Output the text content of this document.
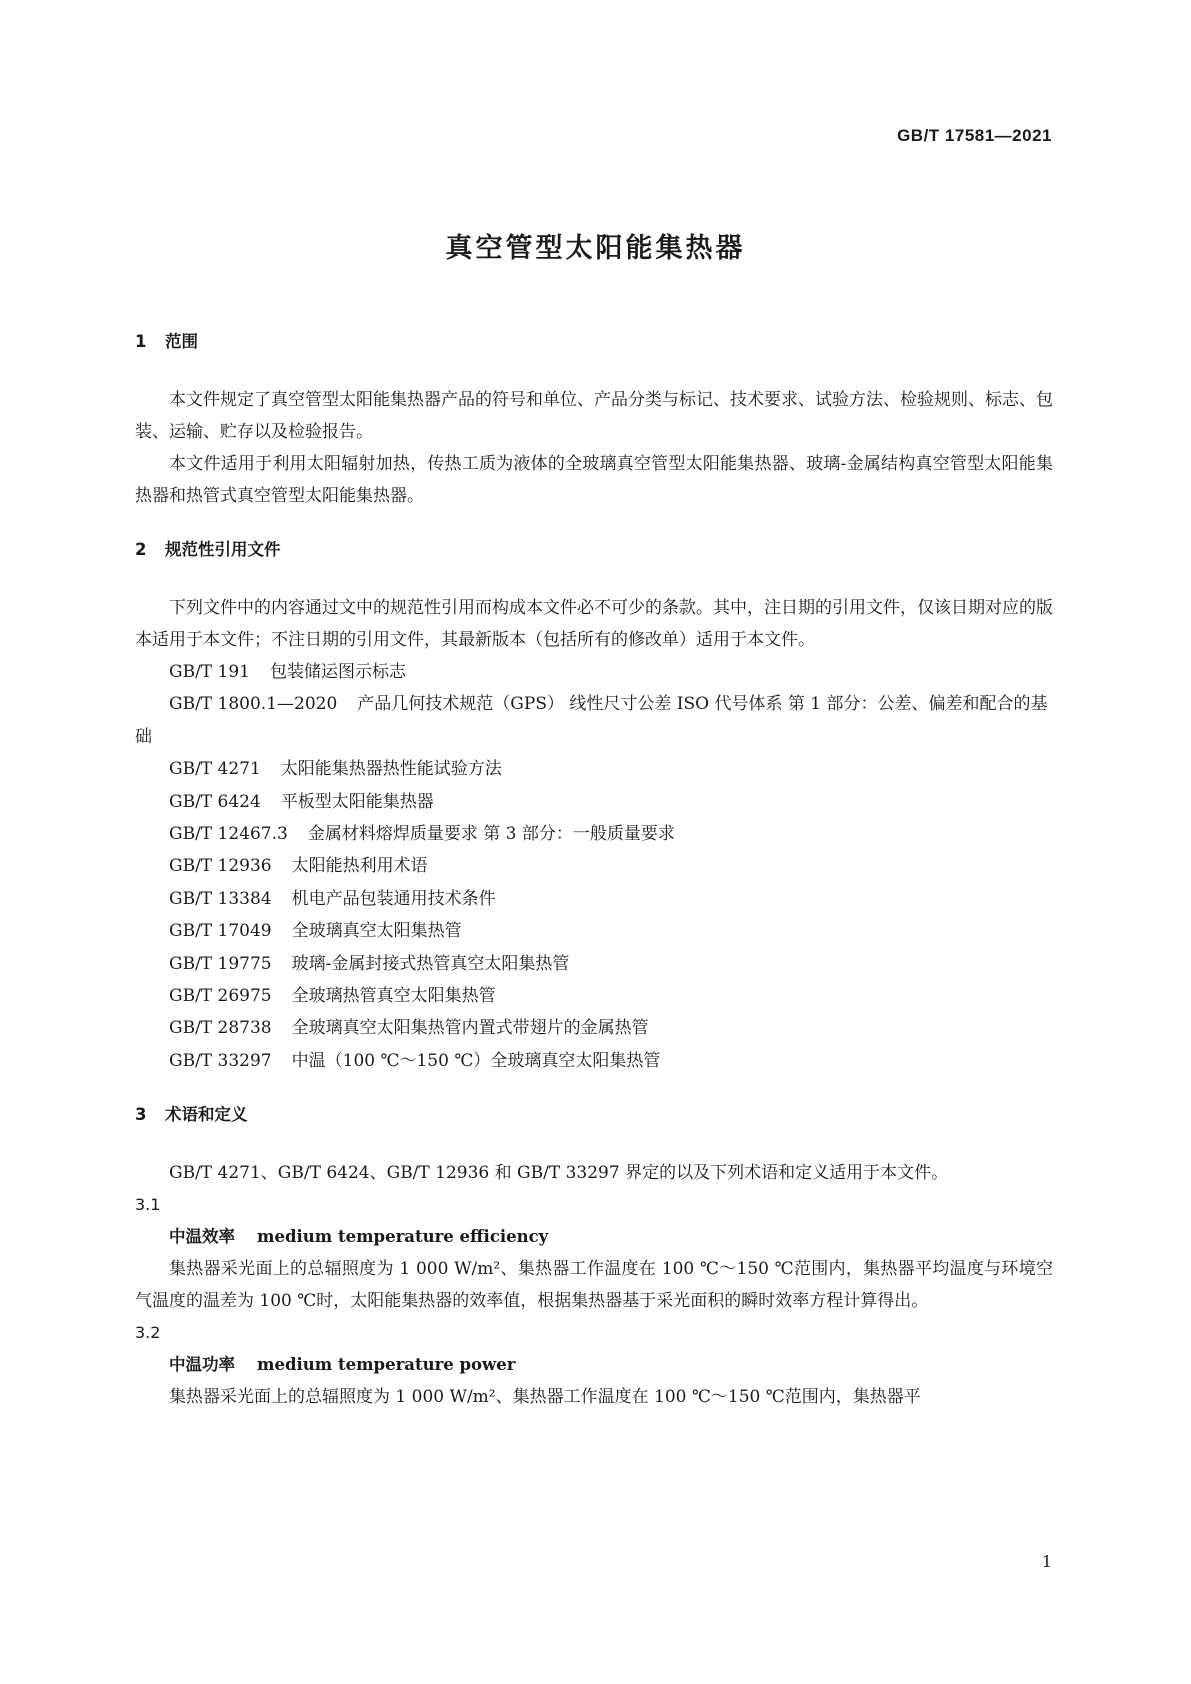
GB/T 17581—2021
真空管型太阳能集热器
1 范围

本文件规定了真空管型太阳能集热器产品的符号和单位、产品分类与标记、技术要求、试验方法、检验规则、标志、包装、运输、贮存以及检验报告。

本文件适用于利用太阳辐射加热，传热工质为液体的全玻璃真空管型太阳能集热器、玻璃-金属结构真空管型太阳能集热器和热管式真空管型太阳能集热器。

2 规范性引用文件

下列文件中的内容通过文中的规范性引用而构成本文件必不可少的条款。其中，注日期的引用文件，仅该日期对应的版本适用于本文件；不注日期的引用文件，其最新版本（包括所有的修改单）适用于本文件。

GB/T 191 包装储运图示标志

GB/T 1800.1—2020 产品几何技术规范（GPS） 线性尺寸公差 ISO 代号体系 第 1 部分：公差、偏差和配合的基础

GB/T 4271 太阳能集热器热性能试验方法

GB/T 6424 平板型太阳能集热器

GB/T 12467.3 金属材料熔焊质量要求 第 3 部分：一般质量要求

GB/T 12936 太阳能热利用术语

GB/T 13384 机电产品包装通用技术条件

GB/T 17049 全玻璃真空太阳集热管

GB/T 19775 玻璃-金属封接式热管真空太阳集热管

GB/T 26975 全玻璃热管真空太阳集热管

GB/T 28738 全玻璃真空太阳集热管内置式带翅片的金属热管

GB/T 33297 中温（100 ℃～150 ℃）全玻璃真空太阳集热管

3 术语和定义

GB/T 4271、GB/T 6424、GB/T 12936 和 GB/T 33297 界定的以及下列术语和定义适用于本文件。

3.1

中温效率 medium temperature efficiency

集热器采光面上的总辐照度为 1 000 W/m²、集热器工作温度在 100 ℃～150 ℃范围内，集热器平均温度与环境空气温度的温差为 100 ℃时，太阳能集热器的效率值，根据集热器基于采光面积的瞬时效率方程计算得出。

3.2

中温功率 medium temperature power

集热器采光面上的总辐照度为 1 000 W/m²、集热器工作温度在 100 ℃～150 ℃范围内，集热器平

1
